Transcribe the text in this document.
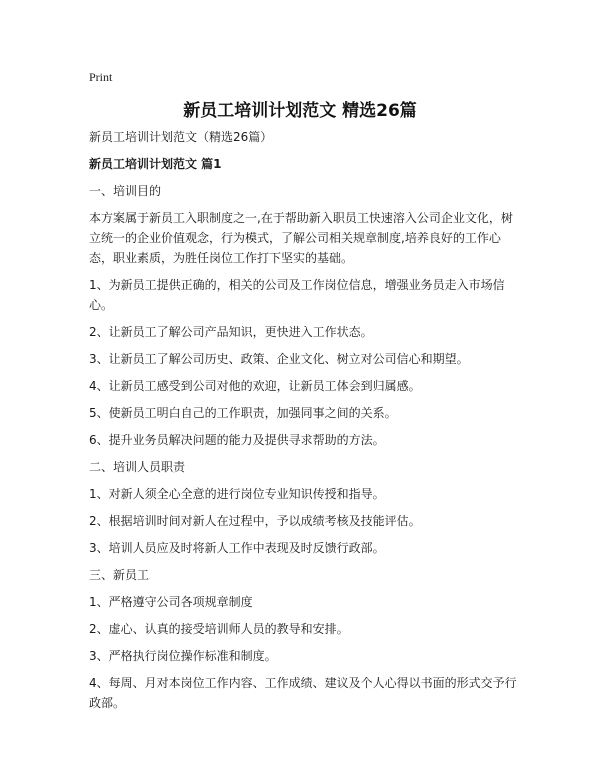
Print
新员工培训计划范文 精选26篇

新员工培训计划范文（精选26篇）

新员工培训计划范文 篇1

一、培训目的

本方案属于新员工入职制度之一,在于帮助新入职员工快速溶入公司企业文化，树立统一的企业价值观念，行为模式，了解公司相关规章制度,培养良好的工作心态，职业素质，为胜任岗位工作打下坚实的基础。

1、为新员工提供正确的，相关的公司及工作岗位信息，增强业务员走入市场信心。

2、让新员工了解公司产品知识，更快进入工作状态。

3、让新员工了解公司历史、政策、企业文化、树立对公司信心和期望。

4、让新员工感受到公司对他的欢迎，让新员工体会到归属感。

5、使新员工明白自己的工作职责，加强同事之间的关系。

6、提升业务员解决问题的能力及提供寻求帮助的方法。

二、培训人员职责

1、对新人须全心全意的进行岗位专业知识传授和指导。

2、根据培训时间对新人在过程中，予以成绩考核及技能评估。

3、培训人员应及时将新人工作中表现及时反馈行政部。

三、新员工

1、严格遵守公司各项规章制度

2、虚心、认真的接受培训师人员的教导和安排。

3、严格执行岗位操作标准和制度。

4、每周、月对本岗位工作内容、工作成绩、建议及个人心得以书面的形式交予行政部。
